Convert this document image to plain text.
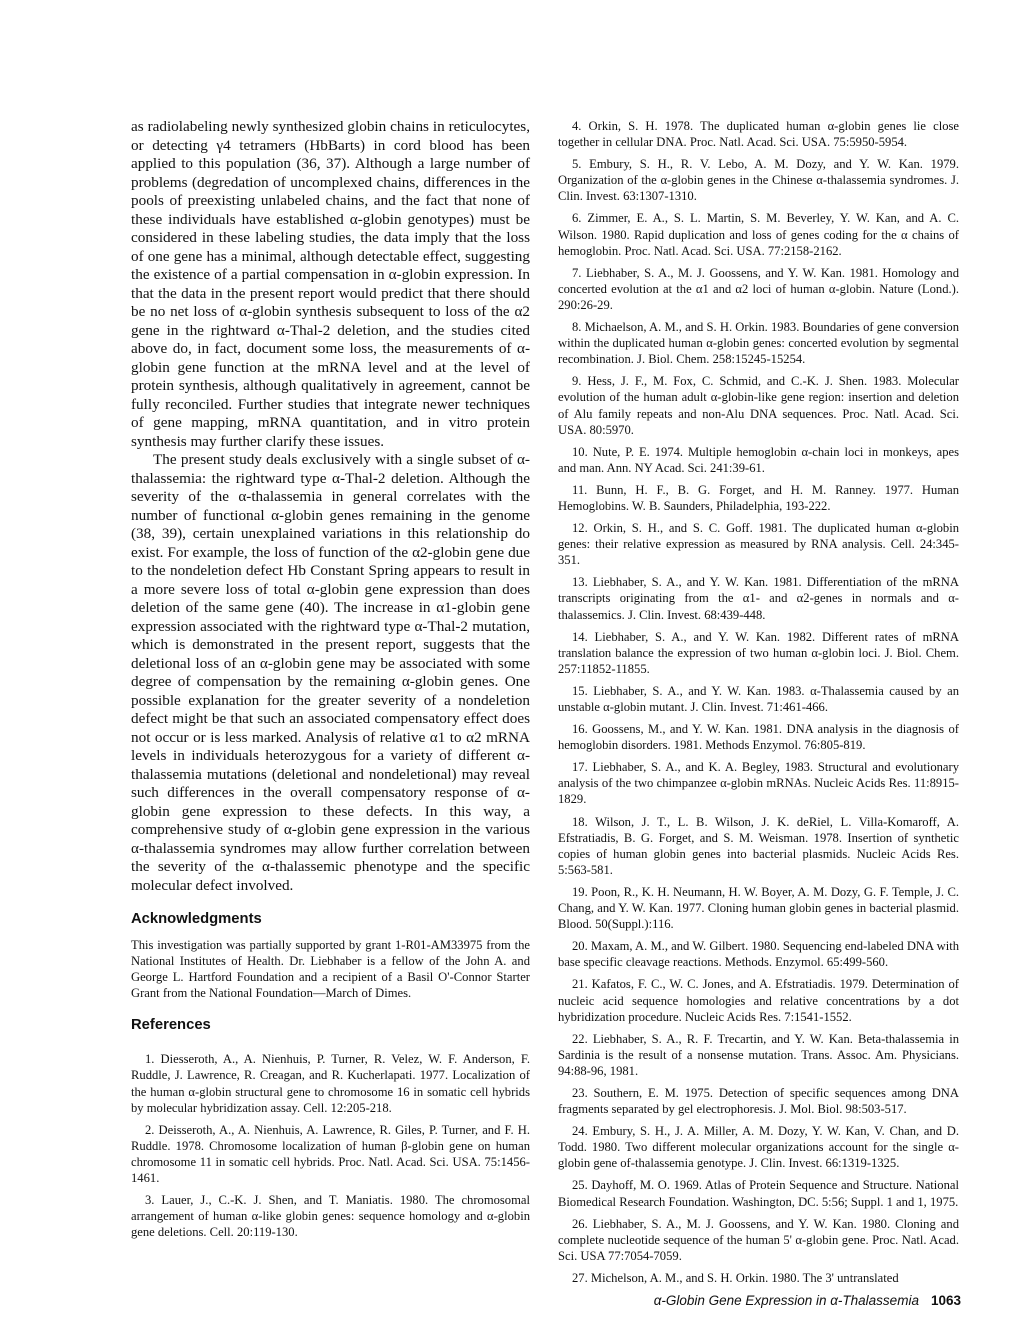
as radiolabeling newly synthesized globin chains in reticulocytes, or detecting γ4 tetramers (HbBarts) in cord blood has been applied to this population (36, 37). Although a large number of problems (degredation of uncomplexed chains, differences in the pools of preexisting unlabeled chains, and the fact that none of these individuals have established α-globin genotypes) must be considered in these labeling studies, the data imply that the loss of one gene has a minimal, although detectable effect, suggesting the existence of a partial compensation in α-globin expression. In that the data in the present report would predict that there should be no net loss of α-globin synthesis subsequent to loss of the α2 gene in the rightward α-Thal-2 deletion, and the studies cited above do, in fact, document some loss, the measurements of α-globin gene function at the mRNA level and at the level of protein synthesis, although qualitatively in agreement, cannot be fully reconciled. Further studies that integrate newer techniques of gene mapping, mRNA quantitation, and in vitro protein synthesis may further clarify these issues.

The present study deals exclusively with a single subset of α-thalassemia: the rightward type α-Thal-2 deletion. Although the severity of the α-thalassemia in general correlates with the number of functional α-globin genes remaining in the genome (38, 39), certain unexplained variations in this relationship do exist. For example, the loss of function of the α2-globin gene due to the nondeletion defect Hb Constant Spring appears to result in a more severe loss of total α-globin gene expression than does deletion of the same gene (40). The increase in α1-globin gene expression associated with the rightward type α-Thal-2 mutation, which is demonstrated in the present report, suggests that the deletional loss of an α-globin gene may be associated with some degree of compensation by the remaining α-globin genes. One possible explanation for the greater severity of a nondeletion defect might be that such an associated compensatory effect does not occur or is less marked. Analysis of relative α1 to α2 mRNA levels in individuals heterozygous for a variety of different α-thalassemia mutations (deletional and nondeletional) may reveal such differences in the overall compensatory response of α-globin gene expression to these defects. In this way, a comprehensive study of α-globin gene expression in the various α-thalassemia syndromes may allow further correlation between the severity of the α-thalassemic phenotype and the specific molecular defect involved.

Acknowledgments

This investigation was partially supported by grant 1-R01-AM33975 from the National Institutes of Health. Dr. Liebhaber is a fellow of the John A. and George L. Hartford Foundation and a recipient of a Basil O'-Connor Starter Grant from the National Foundation—March of Dimes.

References

1. Diesseroth, A., A. Nienhuis, P. Turner, R. Velez, W. F. Anderson, F. Ruddle, J. Lawrence, R. Creagan, and R. Kucherlapati. 1977. Localization of the human α-globin structural gene to chromosome 16 in somatic cell hybrids by molecular hybridization assay. Cell. 12:205-218.

2. Deisseroth, A., A. Nienhuis, A. Lawrence, R. Giles, P. Turner, and F. H. Ruddle. 1978. Chromosome localization of human β-globin gene on human chromosome 11 in somatic cell hybrids. Proc. Natl. Acad. Sci. USA. 75:1456-1461.

3. Lauer, J., C.-K. J. Shen, and T. Maniatis. 1980. The chromosomal arrangement of human α-like globin genes: sequence homology and α-globin gene deletions. Cell. 20:119-130.

4. Orkin, S. H. 1978. The duplicated human α-globin genes lie close together in cellular DNA. Proc. Natl. Acad. Sci. USA. 75:5950-5954.

5. Embury, S. H., R. V. Lebo, A. M. Dozy, and Y. W. Kan. 1979. Organization of the α-globin genes in the Chinese α-thalassemia syndromes. J. Clin. Invest. 63:1307-1310.

6. Zimmer, E. A., S. L. Martin, S. M. Beverley, Y. W. Kan, and A. C. Wilson. 1980. Rapid duplication and loss of genes coding for the α chains of hemoglobin. Proc. Natl. Acad. Sci. USA. 77:2158-2162.

7. Liebhaber, S. A., M. J. Goossens, and Y. W. Kan. 1981. Homology and concerted evolution at the α1 and α2 loci of human α-globin. Nature (Lond.). 290:26-29.

8. Michaelson, A. M., and S. H. Orkin. 1983. Boundaries of gene conversion within the duplicated human α-globin genes: concerted evolution by segmental recombination. J. Biol. Chem. 258:15245-15254.

9. Hess, J. F., M. Fox, C. Schmid, and C.-K. J. Shen. 1983. Molecular evolution of the human adult α-globin-like gene region: insertion and deletion of Alu family repeats and non-Alu DNA sequences. Proc. Natl. Acad. Sci. USA. 80:5970.

10. Nute, P. E. 1974. Multiple hemoglobin α-chain loci in monkeys, apes and man. Ann. NY Acad. Sci. 241:39-61.

11. Bunn, H. F., B. G. Forget, and H. M. Ranney. 1977. Human Hemoglobins. W. B. Saunders, Philadelphia, 193-222.

12. Orkin, S. H., and S. C. Goff. 1981. The duplicated human α-globin genes: their relative expression as measured by RNA analysis. Cell. 24:345-351.

13. Liebhaber, S. A., and Y. W. Kan. 1981. Differentiation of the mRNA transcripts originating from the α1- and α2-genes in normals and α-thalassemics. J. Clin. Invest. 68:439-448.

14. Liebhaber, S. A., and Y. W. Kan. 1982. Different rates of mRNA translation balance the expression of two human α-globin loci. J. Biol. Chem. 257:11852-11855.

15. Liebhaber, S. A., and Y. W. Kan. 1983. α-Thalassemia caused by an unstable α-globin mutant. J. Clin. Invest. 71:461-466.

16. Goossens, M., and Y. W. Kan. 1981. DNA analysis in the diagnosis of hemoglobin disorders. 1981. Methods Enzymol. 76:805-819.

17. Liebhaber, S. A., and K. A. Begley, 1983. Structural and evolutionary analysis of the two chimpanzee α-globin mRNAs. Nucleic Acids Res. 11:8915-1829.

18. Wilson, J. T., L. B. Wilson, J. K. deRiel, L. Villa-Komaroff, A. Efstratiadis, B. G. Forget, and S. M. Weisman. 1978. Insertion of synthetic copies of human globin genes into bacterial plasmids. Nucleic Acids Res. 5:563-581.

19. Poon, R., K. H. Neumann, H. W. Boyer, A. M. Dozy, G. F. Temple, J. C. Chang, and Y. W. Kan. 1977. Cloning human globin genes in bacterial plasmid. Blood. 50(Suppl.):116.

20. Maxam, A. M., and W. Gilbert. 1980. Sequencing end-labeled DNA with base specific cleavage reactions. Methods. Enzymol. 65:499-560.

21. Kafatos, F. C., W. C. Jones, and A. Efstratiadis. 1979. Determination of nucleic acid sequence homologies and relative concentrations by a dot hybridization procedure. Nucleic Acids Res. 7:1541-1552.

22. Liebhaber, S. A., R. F. Trecartin, and Y. W. Kan. Beta-thalassemia in Sardinia is the result of a nonsense mutation. Trans. Assoc. Am. Physicians. 94:88-96, 1981.

23. Southern, E. M. 1975. Detection of specific sequences among DNA fragments separated by gel electrophoresis. J. Mol. Biol. 98:503-517.

24. Embury, S. H., J. A. Miller, A. M. Dozy, Y. W. Kan, V. Chan, and D. Todd. 1980. Two different molecular organizations account for the single α-globin gene of-thalassemia genotype. J. Clin. Invest. 66:1319-1325.

25. Dayhoff, M. O. 1969. Atlas of Protein Sequence and Structure. National Biomedical Research Foundation. Washington, DC. 5:56; Suppl. 1 and 1, 1975.

26. Liebhaber, S. A., M. J. Goossens, and Y. W. Kan. 1980. Cloning and complete nucleotide sequence of the human 5' α-globin gene. Proc. Natl. Acad. Sci. USA 77:7054-7059.

27. Michelson, A. M., and S. H. Orkin. 1980. The 3' untranslated

α-Globin Gene Expression in α-Thalassemia 1063
